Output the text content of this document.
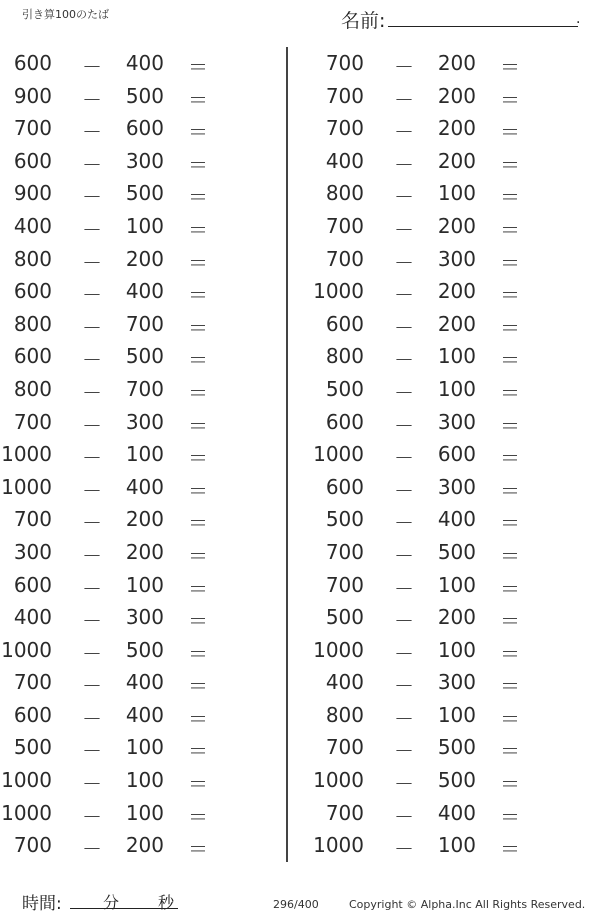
引き算100のたば	名前:	.
600 － 400 ＝
900 － 500 ＝
700 － 600 ＝
600 － 300 ＝
900 － 500 ＝
400 － 100 ＝
800 － 200 ＝
600 － 400 ＝
800 － 700 ＝
600 － 500 ＝
800 － 700 ＝
700 － 300 ＝
1000 － 100 ＝
1000 － 400 ＝
700 － 200 ＝
300 － 200 ＝
600 － 100 ＝
400 － 300 ＝
1000 － 500 ＝
700 － 400 ＝
600 － 400 ＝
500 － 100 ＝
1000 － 100 ＝
1000 － 100 ＝
700 － 200 ＝
700 － 200 ＝
700 － 200 ＝
700 － 200 ＝
400 － 200 ＝
800 － 100 ＝
700 － 200 ＝
700 － 300 ＝
1000 － 200 ＝
600 － 200 ＝
800 － 100 ＝
500 － 100 ＝
600 － 300 ＝
1000 － 600 ＝
600 － 300 ＝
500 － 400 ＝
700 － 500 ＝
700 － 100 ＝
500 － 200 ＝
1000 － 100 ＝
400 － 300 ＝
800 － 100 ＝
700 － 500 ＝
1000 － 500 ＝
700 － 400 ＝
1000 － 100 ＝
時間:	分 秒	296/400	Copyright © Alpha.Inc All Rights Reserved.
